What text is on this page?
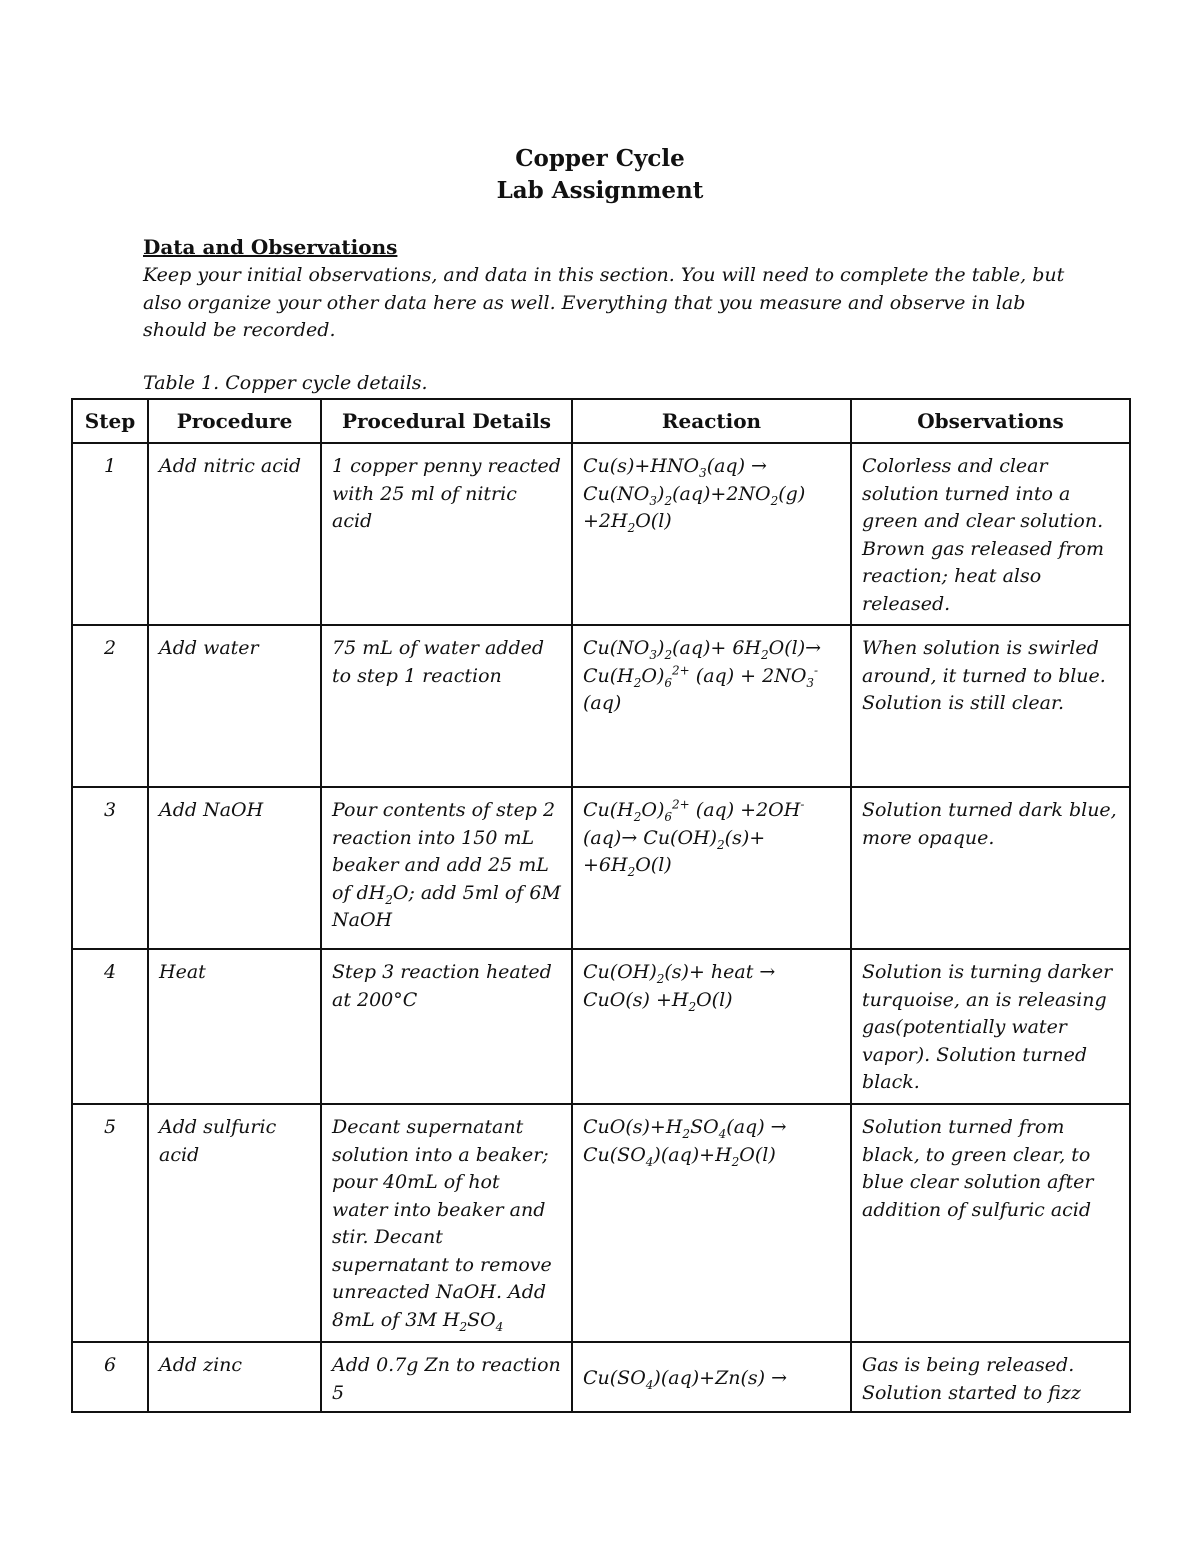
Copper Cycle
Lab Assignment
Data and Observations
Keep your initial observations, and data in this section. You will need to complete the table, but also organize your other data here as well. Everything that you measure and observe in lab should be recorded.
Table 1. Copper cycle details.
Step	Procedure	Procedural Details	Reaction	Observations
1	Add nitric acid	1 copper penny reacted with 25 ml of nitric acid	$Cu(s)+HNO_3(aq) \to Cu(NO_3)_2(aq)+2NO_2(g) +2H_2O(l)$	Colorless and clear solution turned into a green and clear solution. Brown gas released from reaction; heat also released.
2	Add water	75 mL of water added to step 1 reaction	$Cu(NO_3)_2(aq)+ 6H_2O(l)\to Cu(H_2O)_6^{2+}$ $(aq) + 2NO_3^-$ (aq)	When solution is swirled around, it turned to blue. Solution is still clear.
3	Add NaOH	Pour contents of step 2 reaction into 150 mL beaker and add 25 mL of $dH_2O$; add 5ml of 6M NaOH	$Cu(H_2O)_6^{2+}$ (aq) +2OH- $(aq)\to Cu(OH)_2(s)+ +6H_2O(l)$	Solution turned dark blue, more opaque.
4	Heat	Step 3 reaction heated at 200°C	$Cu(OH)_2(s)+$ heat → $CuO(s) +H_2O(l)$	Solution is turning darker turquoise, an is releasing gas(potentially water vapor). Solution turned black.
5	Add sulfuric acid	Decant supernatant solution into a beaker; pour 40mL of hot water into beaker and stir. Decant supernatant to remove unreacted NaOH. Add 8mL of 3M $H_2SO_4$	$CuO(s)+H_2SO_4(aq) \to Cu(SO_4)(aq)+H_2O(l)$	Solution turned from black, to green clear, to blue clear solution after addition of sulfuric acid
6	Add zinc	Add 0.7g Zn to reaction 5	$Cu(SO_4)(aq)+Zn(s)$ →	Gas is being released. Solution started to fizz
